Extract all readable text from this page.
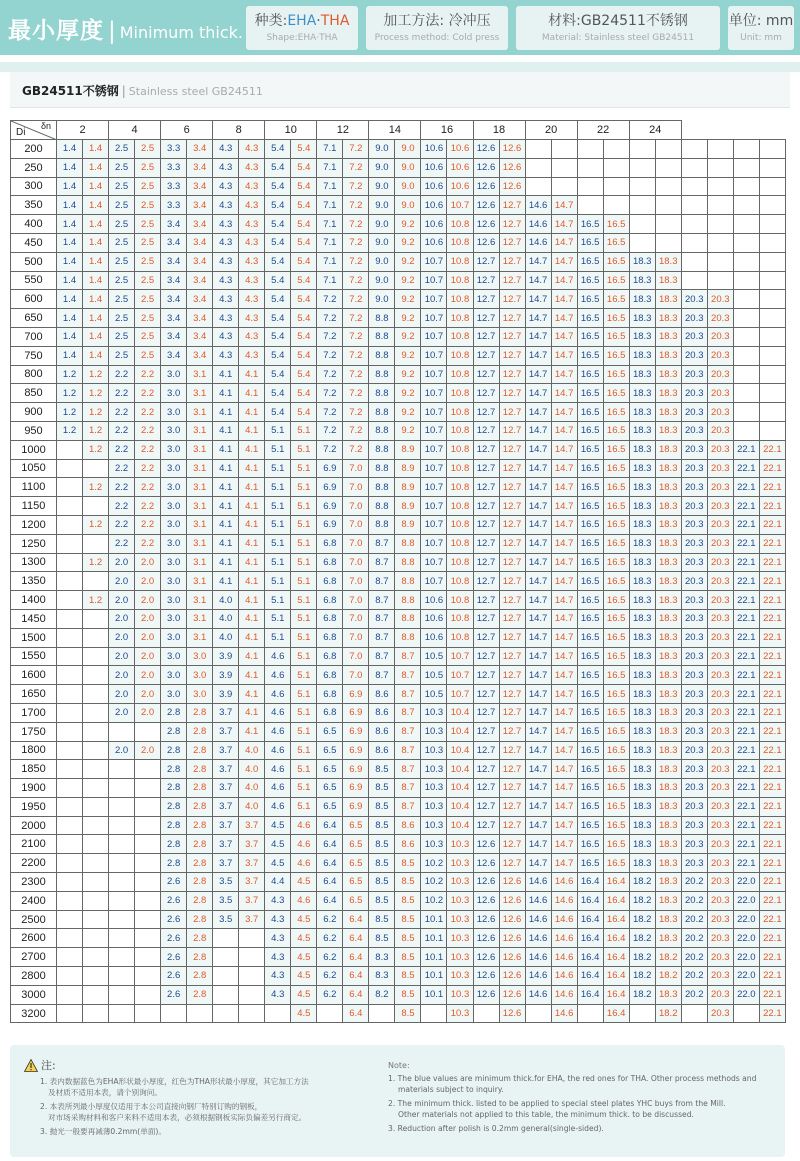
最小厚度 | Minimum thick.
种类:EHA·THA
Shape:EHA·THA
加工方法: 冷冲压
Process method: Cold press
材料:GB24511不锈钢
Material: Stainless steel GB24511
单位: mm
Unit: mm
GB24511不锈钢 | Stainless steel GB24511
Di
δn	2		4		6		8		10		12		14		16		18		20		22		24					
200	1.4	1.4	2.5	2.5	3.3	3.4	4.3	4.3	5.4	5.4	7.1	7.2	9.0	9.0	10.6	10.6	12.6	12.6										
250	1.4	1.4	2.5	2.5	3.3	3.4	4.3	4.3	5.4	5.4	7.1	7.2	9.0	9.0	10.6	10.6	12.6	12.6										
300	1.4	1.4	2.5	2.5	3.3	3.4	4.3	4.3	5.4	5.4	7.1	7.2	9.0	9.0	10.6	10.6	12.6	12.6										
350	1.4	1.4	2.5	2.5	3.3	3.4	4.3	4.3	5.4	5.4	7.1	7.2	9.0	9.0	10.6	10.7	12.6	12.7	14.6	14.7								
400	1.4	1.4	2.5	2.5	3.4	3.4	4.3	4.3	5.4	5.4	7.1	7.2	9.0	9.2	10.6	10.8	12.6	12.7	14.6	14.7	16.5	16.5						
450	1.4	1.4	2.5	2.5	3.4	3.4	4.3	4.3	5.4	5.4	7.1	7.2	9.0	9.2	10.6	10.8	12.6	12.7	14.6	14.7	16.5	16.5						
500	1.4	1.4	2.5	2.5	3.4	3.4	4.3	4.3	5.4	5.4	7.1	7.2	9.0	9.2	10.7	10.8	12.7	12.7	14.7	14.7	16.5	16.5	18.3	18.3				
550	1.4	1.4	2.5	2.5	3.4	3.4	4.3	4.3	5.4	5.4	7.1	7.2	9.0	9.2	10.7	10.8	12.7	12.7	14.7	14.7	16.5	16.5	18.3	18.3				
600	1.4	1.4	2.5	2.5	3.4	3.4	4.3	4.3	5.4	5.4	7.2	7.2	9.0	9.2	10.7	10.8	12.7	12.7	14.7	14.7	16.5	16.5	18.3	18.3	20.3	20.3		
650	1.4	1.4	2.5	2.5	3.4	3.4	4.3	4.3	5.4	5.4	7.2	7.2	8.8	9.2	10.7	10.8	12.7	12.7	14.7	14.7	16.5	16.5	18.3	18.3	20.3	20.3		
700	1.4	1.4	2.5	2.5	3.4	3.4	4.3	4.3	5.4	5.4	7.2	7.2	8.8	9.2	10.7	10.8	12.7	12.7	14.7	14.7	16.5	16.5	18.3	18.3	20.3	20.3		
750	1.4	1.4	2.5	2.5	3.4	3.4	4.3	4.3	5.4	5.4	7.2	7.2	8.8	9.2	10.7	10.8	12.7	12.7	14.7	14.7	16.5	16.5	18.3	18.3	20.3	20.3		
800	1.2	1.2	2.2	2.2	3.0	3.1	4.1	4.1	5.4	5.4	7.2	7.2	8.8	9.2	10.7	10.8	12.7	12.7	14.7	14.7	16.5	16.5	18.3	18.3	20.3	20.3		
850	1.2	1.2	2.2	2.2	3.0	3.1	4.1	4.1	5.4	5.4	7.2	7.2	8.8	9.2	10.7	10.8	12.7	12.7	14.7	14.7	16.5	16.5	18.3	18.3	20.3	20.3		
900	1.2	1.2	2.2	2.2	3.0	3.1	4.1	4.1	5.4	5.4	7.2	7.2	8.8	9.2	10.7	10.8	12.7	12.7	14.7	14.7	16.5	16.5	18.3	18.3	20.3	20.3		
950	1.2	1.2	2.2	2.2	3.0	3.1	4.1	4.1	5.1	5.1	7.2	7.2	8.8	9.2	10.7	10.8	12.7	12.7	14.7	14.7	16.5	16.5	18.3	18.3	20.3	20.3		
1000		1.2	2.2	2.2	3.0	3.1	4.1	4.1	5.1	5.1	7.2	7.2	8.8	8.9	10.7	10.8	12.7	12.7	14.7	14.7	16.5	16.5	18.3	18.3	20.3	20.3	22.1	22.1
1050			2.2	2.2	3.0	3.1	4.1	4.1	5.1	5.1	6.9	7.0	8.8	8.9	10.7	10.8	12.7	12.7	14.7	14.7	16.5	16.5	18.3	18.3	20.3	20.3	22.1	22.1
1100		1.2	2.2	2.2	3.0	3.1	4.1	4.1	5.1	5.1	6.9	7.0	8.8	8.9	10.7	10.8	12.7	12.7	14.7	14.7	16.5	16.5	18.3	18.3	20.3	20.3	22.1	22.1
1150			2.2	2.2	3.0	3.1	4.1	4.1	5.1	5.1	6.9	7.0	8.8	8.9	10.7	10.8	12.7	12.7	14.7	14.7	16.5	16.5	18.3	18.3	20.3	20.3	22.1	22.1
1200		1.2	2.2	2.2	3.0	3.1	4.1	4.1	5.1	5.1	6.9	7.0	8.8	8.9	10.7	10.8	12.7	12.7	14.7	14.7	16.5	16.5	18.3	18.3	20.3	20.3	22.1	22.1
1250			2.2	2.2	3.0	3.1	4.1	4.1	5.1	5.1	6.8	7.0	8.7	8.8	10.7	10.8	12.7	12.7	14.7	14.7	16.5	16.5	18.3	18.3	20.3	20.3	22.1	22.1
1300		1.2	2.0	2.0	3.0	3.1	4.1	4.1	5.1	5.1	6.8	7.0	8.7	8.8	10.7	10.8	12.7	12.7	14.7	14.7	16.5	16.5	18.3	18.3	20.3	20.3	22.1	22.1
1350			2.0	2.0	3.0	3.1	4.1	4.1	5.1	5.1	6.8	7.0	8.7	8.8	10.7	10.8	12.7	12.7	14.7	14.7	16.5	16.5	18.3	18.3	20.3	20.3	22.1	22.1
1400		1.2	2.0	2.0	3.0	3.1	4.0	4.1	5.1	5.1	6.8	7.0	8.7	8.8	10.6	10.8	12.7	12.7	14.7	14.7	16.5	16.5	18.3	18.3	20.3	20.3	22.1	22.1
1450			2.0	2.0	3.0	3.1	4.0	4.1	5.1	5.1	6.8	7.0	8.7	8.8	10.6	10.8	12.7	12.7	14.7	14.7	16.5	16.5	18.3	18.3	20.3	20.3	22.1	22.1
1500			2.0	2.0	3.0	3.1	4.0	4.1	5.1	5.1	6.8	7.0	8.7	8.8	10.6	10.8	12.7	12.7	14.7	14.7	16.5	16.5	18.3	18.3	20.3	20.3	22.1	22.1
1550			2.0	2.0	3.0	3.0	3.9	4.1	4.6	5.1	6.8	7.0	8.7	8.7	10.5	10.7	12.7	12.7	14.7	14.7	16.5	16.5	18.3	18.3	20.3	20.3	22.1	22.1
1600			2.0	2.0	3.0	3.0	3.9	4.1	4.6	5.1	6.8	7.0	8.7	8.7	10.5	10.7	12.7	12.7	14.7	14.7	16.5	16.5	18.3	18.3	20.3	20.3	22.1	22.1
1650			2.0	2.0	3.0	3.0	3.9	4.1	4.6	5.1	6.8	6.9	8.6	8.7	10.5	10.7	12.7	12.7	14.7	14.7	16.5	16.5	18.3	18.3	20.3	20.3	22.1	22.1
1700			2.0	2.0	2.8	2.8	3.7	4.1	4.6	5.1	6.8	6.9	8.6	8.7	10.3	10.4	12.7	12.7	14.7	14.7	16.5	16.5	18.3	18.3	20.3	20.3	22.1	22.1
1750					2.8	2.8	3.7	4.1	4.6	5.1	6.5	6.9	8.6	8.7	10.3	10.4	12.7	12.7	14.7	14.7	16.5	16.5	18.3	18.3	20.3	20.3	22.1	22.1
1800			2.0	2.0	2.8	2.8	3.7	4.0	4.6	5.1	6.5	6.9	8.6	8.7	10.3	10.4	12.7	12.7	14.7	14.7	16.5	16.5	18.3	18.3	20.3	20.3	22.1	22.1
1850					2.8	2.8	3.7	4.0	4.6	5.1	6.5	6.9	8.5	8.7	10.3	10.4	12.7	12.7	14.7	14.7	16.5	16.5	18.3	18.3	20.3	20.3	22.1	22.1
1900					2.8	2.8	3.7	4.0	4.6	5.1	6.5	6.9	8.5	8.7	10.3	10.4	12.7	12.7	14.7	14.7	16.5	16.5	18.3	18.3	20.3	20.3	22.1	22.1
1950					2.8	2.8	3.7	4.0	4.6	5.1	6.5	6.9	8.5	8.7	10.3	10.4	12.7	12.7	14.7	14.7	16.5	16.5	18.3	18.3	20.3	20.3	22.1	22.1
2000					2.8	2.8	3.7	3.7	4.5	4.6	6.4	6.5	8.5	8.6	10.3	10.4	12.7	12.7	14.7	14.7	16.5	16.5	18.3	18.3	20.3	20.3	22.1	22.1
2100					2.8	2.8	3.7	3.7	4.5	4.6	6.4	6.5	8.5	8.6	10.3	10.3	12.6	12.7	14.7	14.7	16.5	16.5	18.3	18.3	20.3	20.3	22.1	22.1
2200					2.8	2.8	3.7	3.7	4.5	4.6	6.4	6.5	8.5	8.5	10.2	10.3	12.6	12.7	14.7	14.7	16.5	16.5	18.3	18.3	20.3	20.3	22.1	22.1
2300					2.6	2.8	3.5	3.7	4.4	4.5	6.4	6.5	8.5	8.5	10.2	10.3	12.6	12.6	14.6	14.6	16.4	16.4	18.2	18.3	20.2	20.3	22.0	22.1
2400					2.6	2.8	3.5	3.7	4.3	4.6	6.4	6.5	8.5	8.5	10.2	10.3	12.6	12.6	14.6	14.6	16.4	16.4	18.2	18.3	20.2	20.3	22.0	22.1
2500					2.6	2.8	3.5	3.7	4.3	4.5	6.2	6.4	8.5	8.5	10.1	10.3	12.6	12.6	14.6	14.6	16.4	16.4	18.2	18.3	20.2	20.3	22.0	22.1
2600					2.6	2.8			4.3	4.5	6.2	6.4	8.5	8.5	10.1	10.3	12.6	12.6	14.6	14.6	16.4	16.4	18.2	18.3	20.2	20.3	22.0	22.1
2700					2.6	2.8			4.3	4.5	6.2	6.4	8.3	8.5	10.1	10.3	12.6	12.6	14.6	14.6	16.4	16.4	18.2	18.2	20.2	20.3	22.0	22.1
2800					2.6	2.8			4.3	4.5	6.2	6.4	8.3	8.5	10.1	10.3	12.6	12.6	14.6	14.6	16.4	16.4	18.2	18.2	20.2	20.3	22.0	22.1
3000					2.6	2.8			4.3	4.5	6.2	6.4	8.2	8.5	10.1	10.3	12.6	12.6	14.6	14.6	16.4	16.4	18.2	18.3	20.2	20.3	22.0	22.1
3200										4.5		6.4		8.5		10.3		12.6		14.6		16.4		18.2		20.3		22.1
注:
1. 表内数据蓝色为EHA形状最小厚度，红色为THA形状最小厚度，其它加工方法
及材质不适用本表，请个别询问。
2. 本表所列最小厚度仅适用于本公司直接向钢厂特别订购的钢板，
对市场采购材料和客户来料不适用本表，必须根据钢板实际负偏差另行商定。
3. 抛光一般要再减薄0.2mm(单面)。
Note:
1. The blue values are minimum thick.for EHA, the red ones for THA. Other process methods and
materials subject to inquiry.
2. The minimum thick. listed to be applied to special steel plates YHC buys from the Mill.
Other materials not applied to this table, the minimum thick. to be discussed.
3. Reduction after polish is 0.2mm general(single-sided).
